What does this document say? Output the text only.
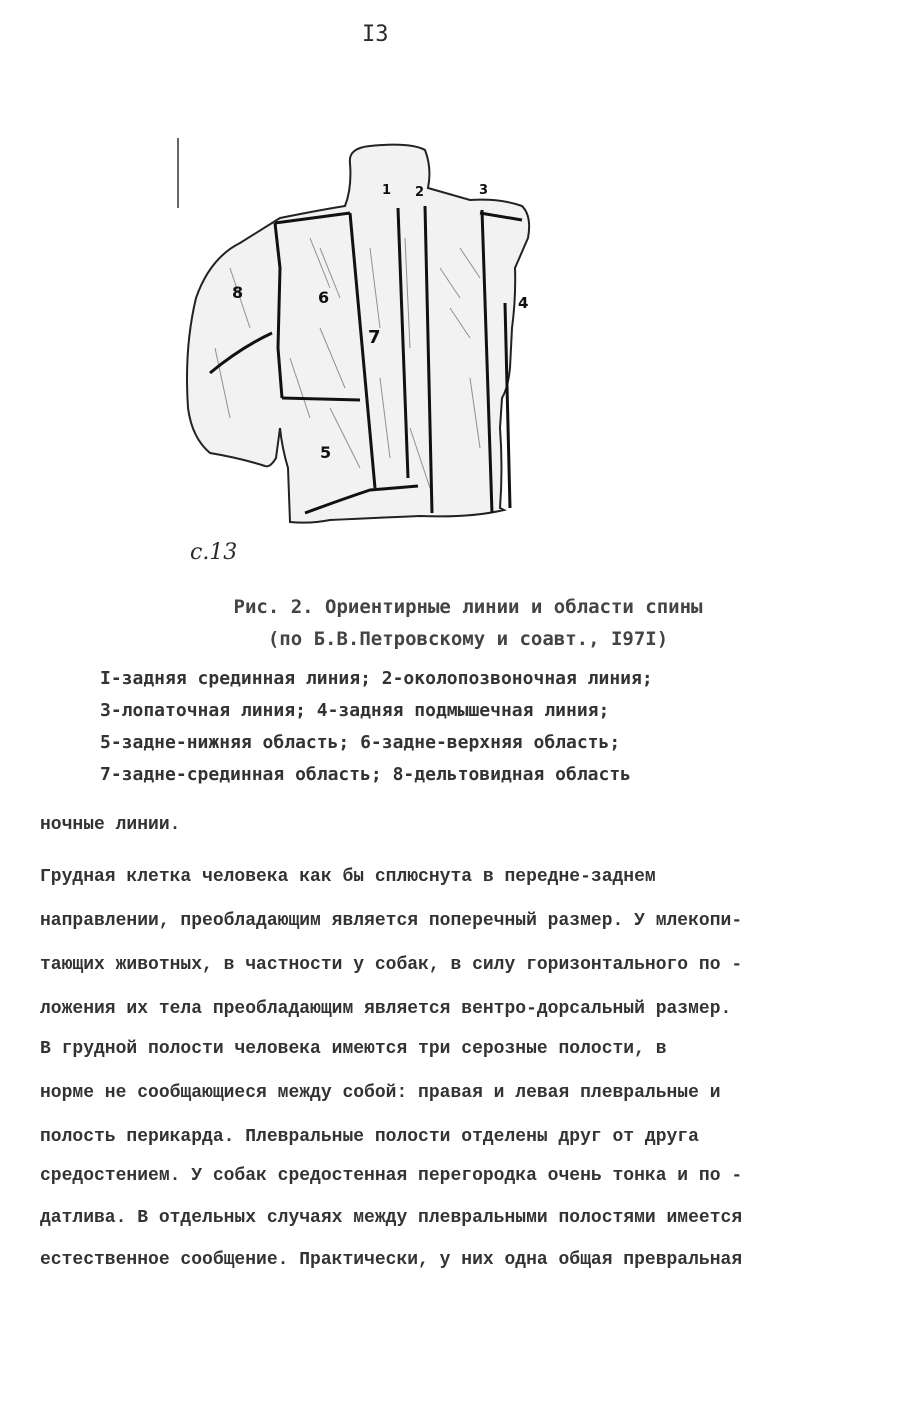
I3
1 2	3
4
5
6
7
8
c.13
Рис. 2. Ориентирные линии и области спины
(по Б.В.Петровскому и соавт., I97I)
I-задняя срединная линия; 2-околопозвоночная линия;
3-лопаточная линия; 4-задняя подмышечная линия;
5-задне-нижняя область; 6-задне-верхняя область;
7-задне-срединная область; 8-дельтовидная область
ночные линии.
Грудная клетка человека как бы сплюснута в передне-заднем
направлении, преобладающим является поперечный размер. У млекопи-
тающих животных, в частности у собак, в силу горизонтального по -
ложения их тела преобладающим является вентро-дорсальный размер.
В грудной полости человека имеются три серозные полости, в
норме не сообщающиеся между собой: правая и левая плевральные и
полость перикарда. Плевральные полости отделены друг от друга
средостением. У собак средостенная перегородка очень тонка и по -
датлива. В отдельных случаях между плевральными полостями имеется
естественное сообщение. Практически, у них одна общая превральная
